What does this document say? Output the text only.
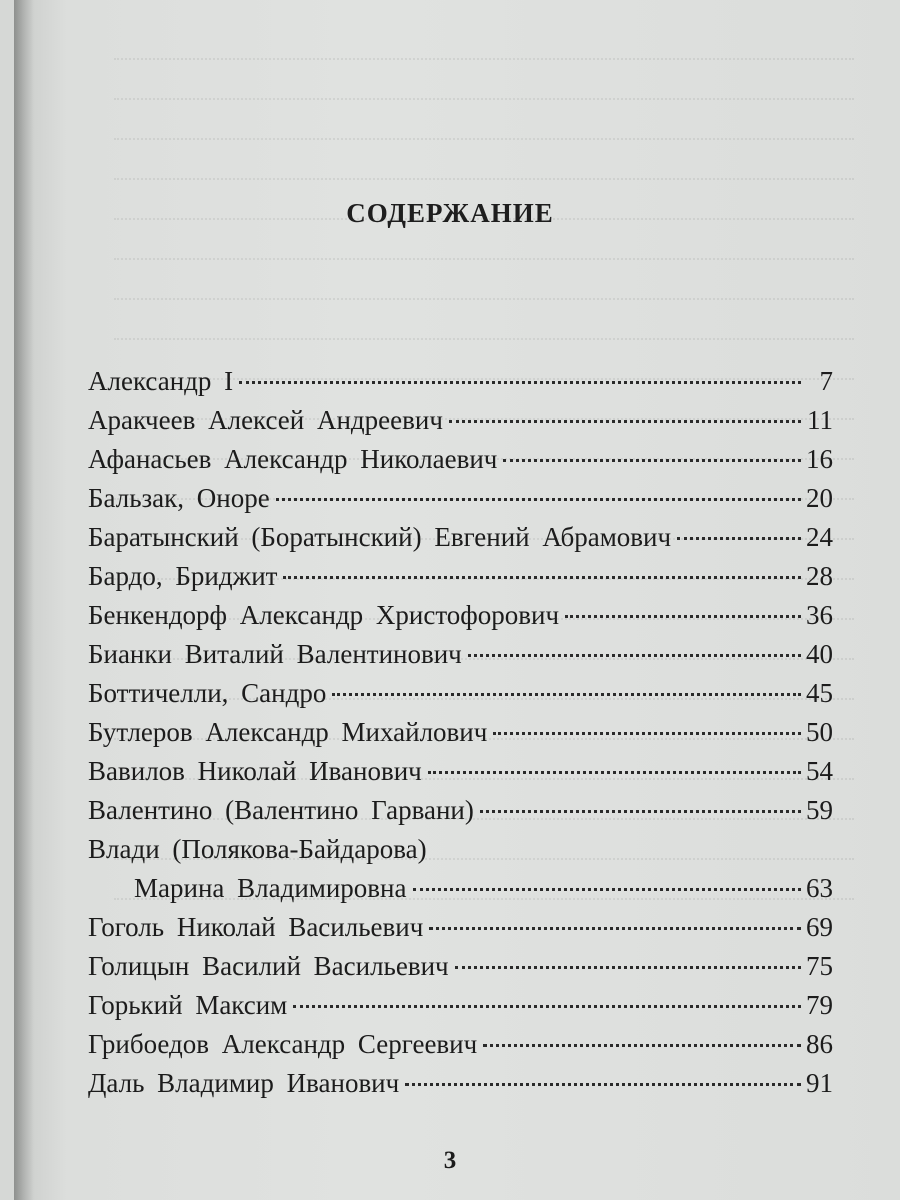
СОДЕРЖАНИЕ
Александр I	7
Аракчеев Алексей Андреевич	11
Афанасьев Александр Николаевич	16
Бальзак, Оноре	20
Баратынский (Боратынский) Евгений Абрамович	24
Бардо, Бриджит	28
Бенкендорф Александр Христофорович	36
Бианки Виталий Валентинович	40
Боттичелли, Сандро	45
Бутлеров Александр Михайлович	50
Вавилов Николай Иванович	54
Валентино (Валентино Гарвани)	59
Влади (Полякова-Байдарова)
Марина Владимировна	63
Гоголь Николай Васильевич	69
Голицын Василий Васильевич	75
Горький Максим	79
Грибоедов Александр Сергеевич	86
Даль Владимир Иванович	91
3
